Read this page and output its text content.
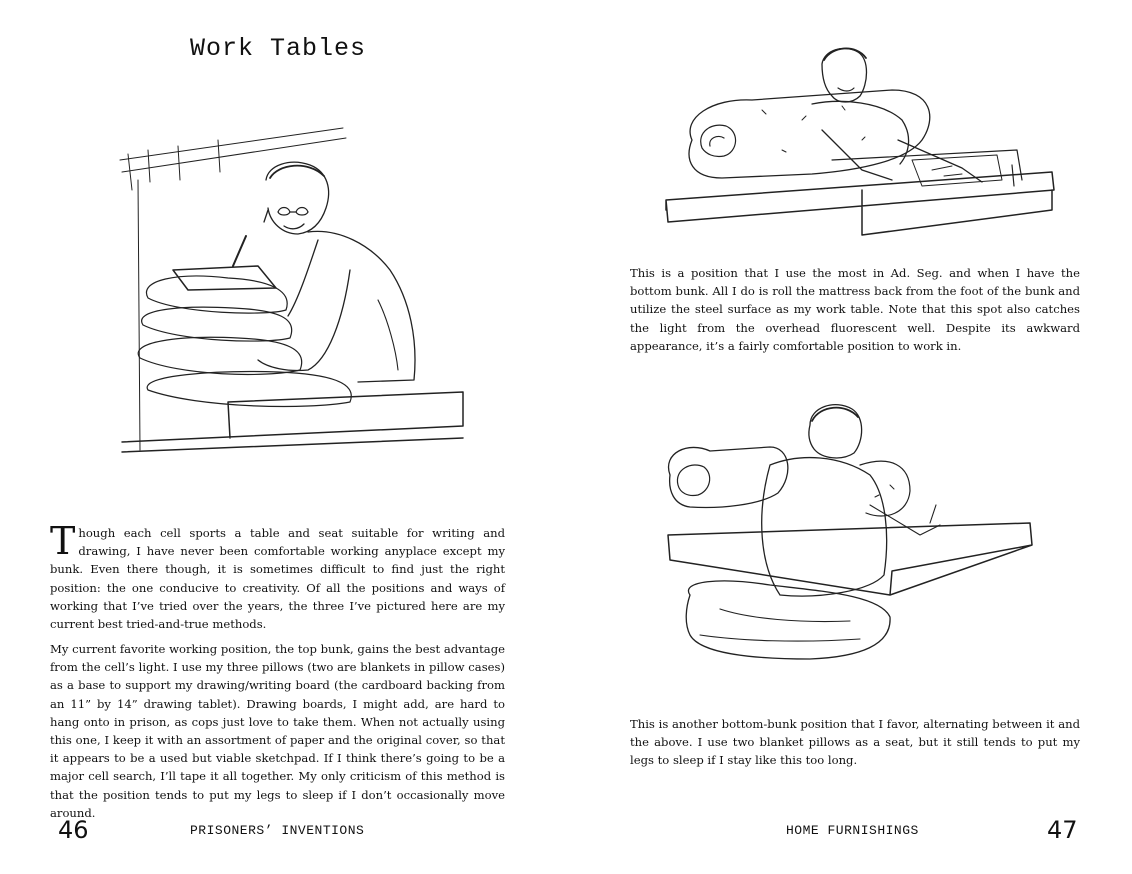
Work Tables

Though each cell sports a table and seat suitable for writing and drawing, I have never been comfortable working anyplace except my bunk. Even there though, it is sometimes difficult to find just the right position: the one conducive to creativity. Of all the positions and ways of working that I’ve tried over the years, the three I’ve pictured here are my current best tried-and-true methods.

My current favorite working position, the top bunk, gains the best advantage from the cell’s light. I use my three pillows (two are blankets in pillow cases) as a base to support my drawing/writing board (the cardboard backing from an 11” by 14” drawing tablet). Drawing boards, I might add, are hard to hang onto in prison, as cops just love to take them. When not actually using this one, I keep it with an assortment of paper and the original cover, so that it appears to be a used but viable sketchpad. If I think there’s going to be a major cell search, I’ll tape it all together. My only criticism of this method is that the position tends to put my legs to sleep if I don’t occasionally move around.

46	PRISONERS’ INVENTIONS

This is a position that I use the most in Ad. Seg. and when I have the bottom bunk. All I do is roll the mattress back from the foot of the bunk and utilize the steel surface as my work table. Note that this spot also catches the light from the overhead fluorescent well. Despite its awkward appearance, it’s a fairly comfortable position to work in.

This is another bottom-bunk position that I favor, alternating between it and the above. I use two blanket pillows as a seat, but it still tends to put my legs to sleep if I stay like this too long.

HOME FURNISHINGS	47
